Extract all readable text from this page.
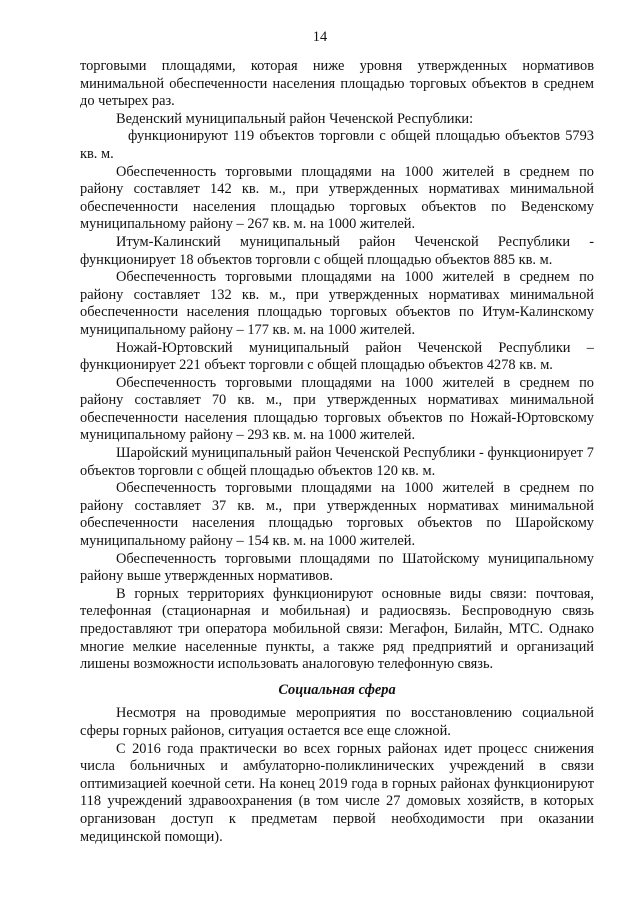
14

торговыми площадями, которая ниже уровня утвержденных нормативов минимальной обеспеченности населения площадью торговых объектов в среднем до четырех раз.

Веденский муниципальный район Чеченской Республики:

функционируют 119 объектов торговли с общей площадью объектов 5793 кв. м.

Обеспеченность торговыми площадями на 1000 жителей в среднем по району составляет 142 кв. м., при утвержденных нормативах минимальной обеспеченности населения площадью торговых объектов по Веденскому муниципальному району – 267 кв. м. на 1000 жителей.

Итум-Калинский муниципальный район Чеченской Республики - функционирует 18 объектов торговли с общей площадью объектов 885 кв. м.

Обеспеченность торговыми площадями на 1000 жителей в среднем по району составляет 132 кв. м., при утвержденных нормативах минимальной обеспеченности населения площадью торговых объектов по Итум-Калинскому муниципальному району – 177 кв. м. на 1000 жителей.

Ножай-Юртовский муниципальный район Чеченской Республики – функционирует 221 объект торговли с общей площадью объектов 4278 кв. м.

Обеспеченность торговыми площадями на 1000 жителей в среднем по району составляет 70 кв. м., при утвержденных нормативах минимальной обеспеченности населения площадью торговых объектов по Ножай-Юртовскому муниципальному району – 293 кв. м. на 1000 жителей.

Шаройский муниципальный район Чеченской Республики - функционирует 7 объектов торговли с общей площадью объектов 120 кв. м.

Обеспеченность торговыми площадями на 1000 жителей в среднем по району составляет 37 кв. м., при утвержденных нормативах минимальной обеспеченности населения площадью торговых объектов по Шаройскому муниципальному району – 154 кв. м. на 1000 жителей.

Обеспеченность торговыми площадями по Шатойскому муниципальному району выше утвержденных нормативов.

В горных территориях функционируют основные виды связи: почтовая, телефонная (стационарная и мобильная) и радиосвязь. Беспроводную связь предоставляют три оператора мобильной связи: Мегафон, Билайн, МТС. Однако многие мелкие населенные пункты, а также ряд предприятий и организаций лишены возможности использовать аналоговую телефонную связь.

Социальная сфера

Несмотря на проводимые мероприятия по восстановлению социальной сферы горных районов, ситуация остается все еще сложной.

С 2016 года практически во всех горных районах идет процесс снижения числа больничных и амбулаторно-поликлинических учреждений в связи оптимизацией коечной сети. На конец 2019 года в горных районах функционируют 118 учреждений здравоохранения (в том числе 27 домовых хозяйств, в которых организован доступ к предметам первой необходимости при оказании медицинской помощи).
